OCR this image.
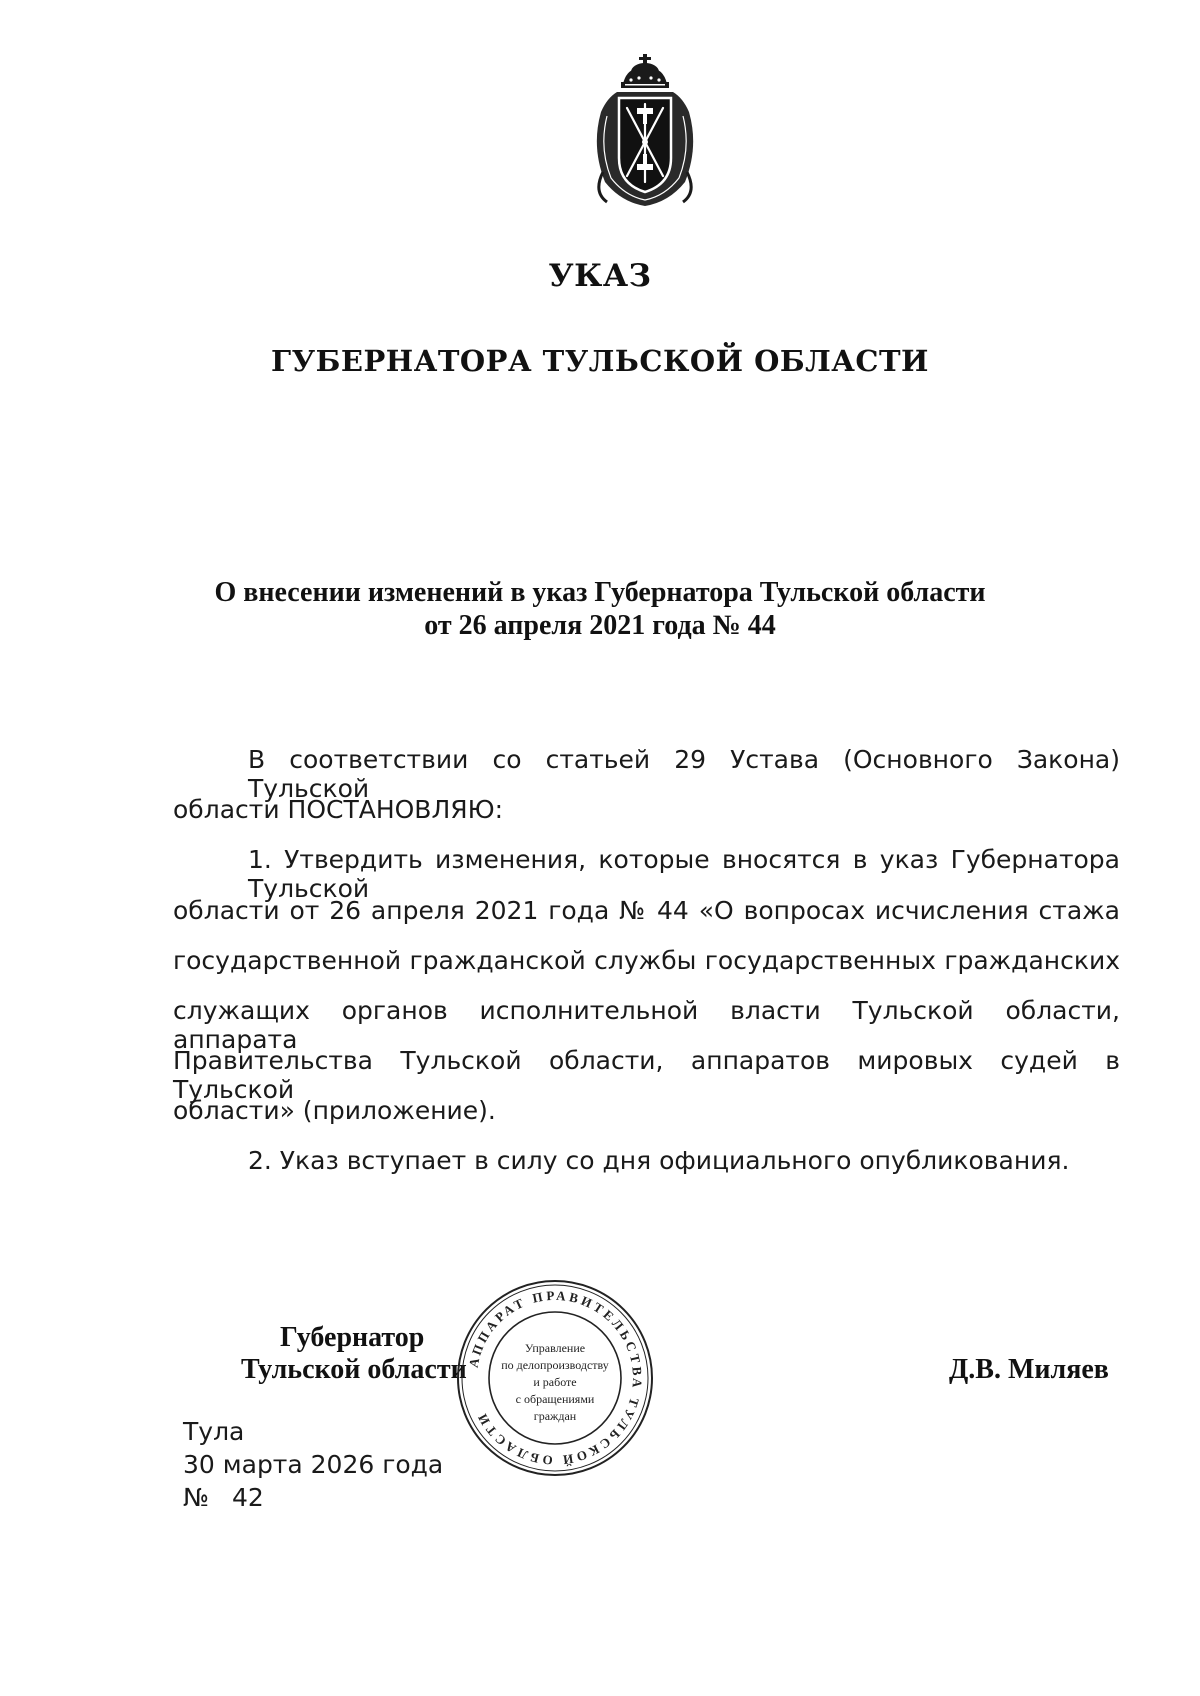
УКАЗ
ГУБЕРНАТОРА ТУЛЬСКОЙ ОБЛАСТИ
О внесении изменений в указ Губернатора Тульской области
от 26 апреля 2021 года № 44
В соответствии со статьей 29 Устава (Основного Закона) Тульской
области ПОСТАНОВЛЯЮ:
1. Утвердить изменения, которые вносятся в указ Губернатора Тульской
области от 26 апреля 2021 года № 44 «О вопросах исчисления стажа
государственной гражданской службы государственных гражданских
служащих органов исполнительной власти Тульской области, аппарата
Правительства Тульской области, аппаратов мировых судей в Тульской
области» (приложение).
2. Указ вступает в силу со дня официального опубликования.
Губернатор
Тульской области	Д.В. Миляев
Тула
30 марта 2026 года
№ 42
АППАРАТ ПРАВИТЕЛЬСТВА ТУЛЬСКОЙ ОБЛАСТИ
Управление
по делопроизводству
и работе
с обращениями
граждан
